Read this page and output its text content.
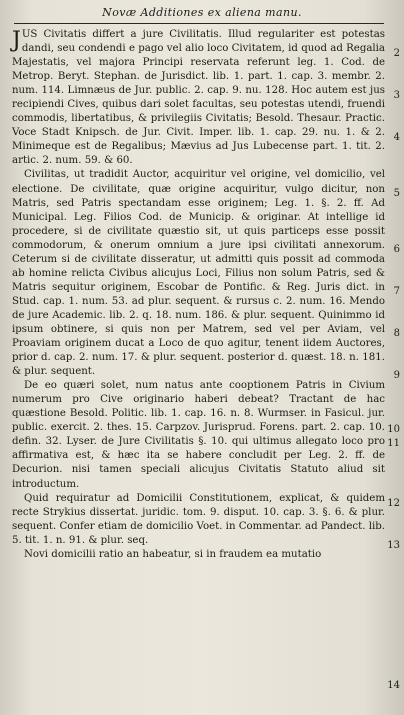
Novæ Additiones ex aliena manu.

JUS Civitatis differt a jure Civilitatis. Illud regulariter est potestas dandi, seu condendi e pago vel alio loco Civitatem, id quod ad Regalia Majestatis, vel majora Principi reservata referunt leg. 1. Cod. de Metrop. Beryt. Stephan. de Jurisdict. lib. 1. part. 1. cap. 3. membr. 2. num. 114. Limnæus de Jur. public. 2. cap. 9. nu. 128. Hoc autem est jus recipiendi Cives, quibus dari solet facultas, seu potestas utendi, fruendi commodis, libertatibus, & privilegiis Civitatis; Besold. Thesaur. Practic. Voce Stadt Knipsch. de Jur. Civit. Imper. lib. 1. cap. 29. nu. 1. & 2. Minimeque est de Regalibus; Mævius ad Jus Lubecense part. 1. tit. 2. artic. 2. num. 59. & 60.

Civilitas, ut tradidit Auctor, acquiritur vel origine, vel domicilio, vel electione. De civilitate, quæ origine acquiritur, vulgo dicitur, non Matris, sed Patris spectandam esse originem; Leg. 1. §. 2. ff. Ad Municipal. Leg. Filios Cod. de Municip. & originar. At intellige id procedere, si de civilitate quæstio sit, ut quis particeps esse possit commodorum, & onerum omnium a jure ipsi civilitati annexorum. Ceterum si de civilitate disseratur, ut admitti quis possit ad commoda ab homine relicta Civibus alicujus Loci, Filius non solum Patris, sed & Matris sequitur originem, Escobar de Pontific. & Reg. Juris dict. in Stud. cap. 1. num. 53. ad plur. sequent. & rursus c. 2. num. 16. Mendo de jure Academic. lib. 2. q. 18. num. 186. & plur. sequent. Quinimmo id ipsum obtinere, si quis non per Matrem, sed vel per Aviam, vel Proaviam originem ducat a Loco de quo agitur, tenent iidem Auctores, prior d. cap. 2. num. 17. & plur. sequent. posterior d. quæst. 18. n. 181. & plur. sequent.

De eo quæri solet, num natus ante cooptionem Patris in Civium numerum pro Cive originario haberi debeat? Tractant de hac quæstione Besold. Politic. lib. 1. cap. 16. n. 8. Wurmser. in Fasicul. jur. public. exercit. 2. thes. 15. Carpzov. Jurisprud. Forens. part. 2. cap. 10. defin. 32. Lyser. de Jure Civilitatis §. 10. qui ultimus allegato loco pro affirmativa est, & hæc ita se habere concludit per Leg. 2. ff. de Decurion. nisi tamen speciali alicujus Civitatis Statuto aliud sit introductum.

Quid requiratur ad Domicilii Constitutionem, explicat, & quidem recte Strykius dissertat. juridic. tom. 9. disput. 10. cap. 3. §. 6. & plur. sequent. Confer etiam de domicilio Voet. in Commentar. ad Pandect. lib. 5. tit. 1. n. 91. & plur. seq.

Novi domicilii ratio an habeatur, si in fraudem ea mutatio

2
3
4
5
6
7
8
9
10
11
12
13
14
